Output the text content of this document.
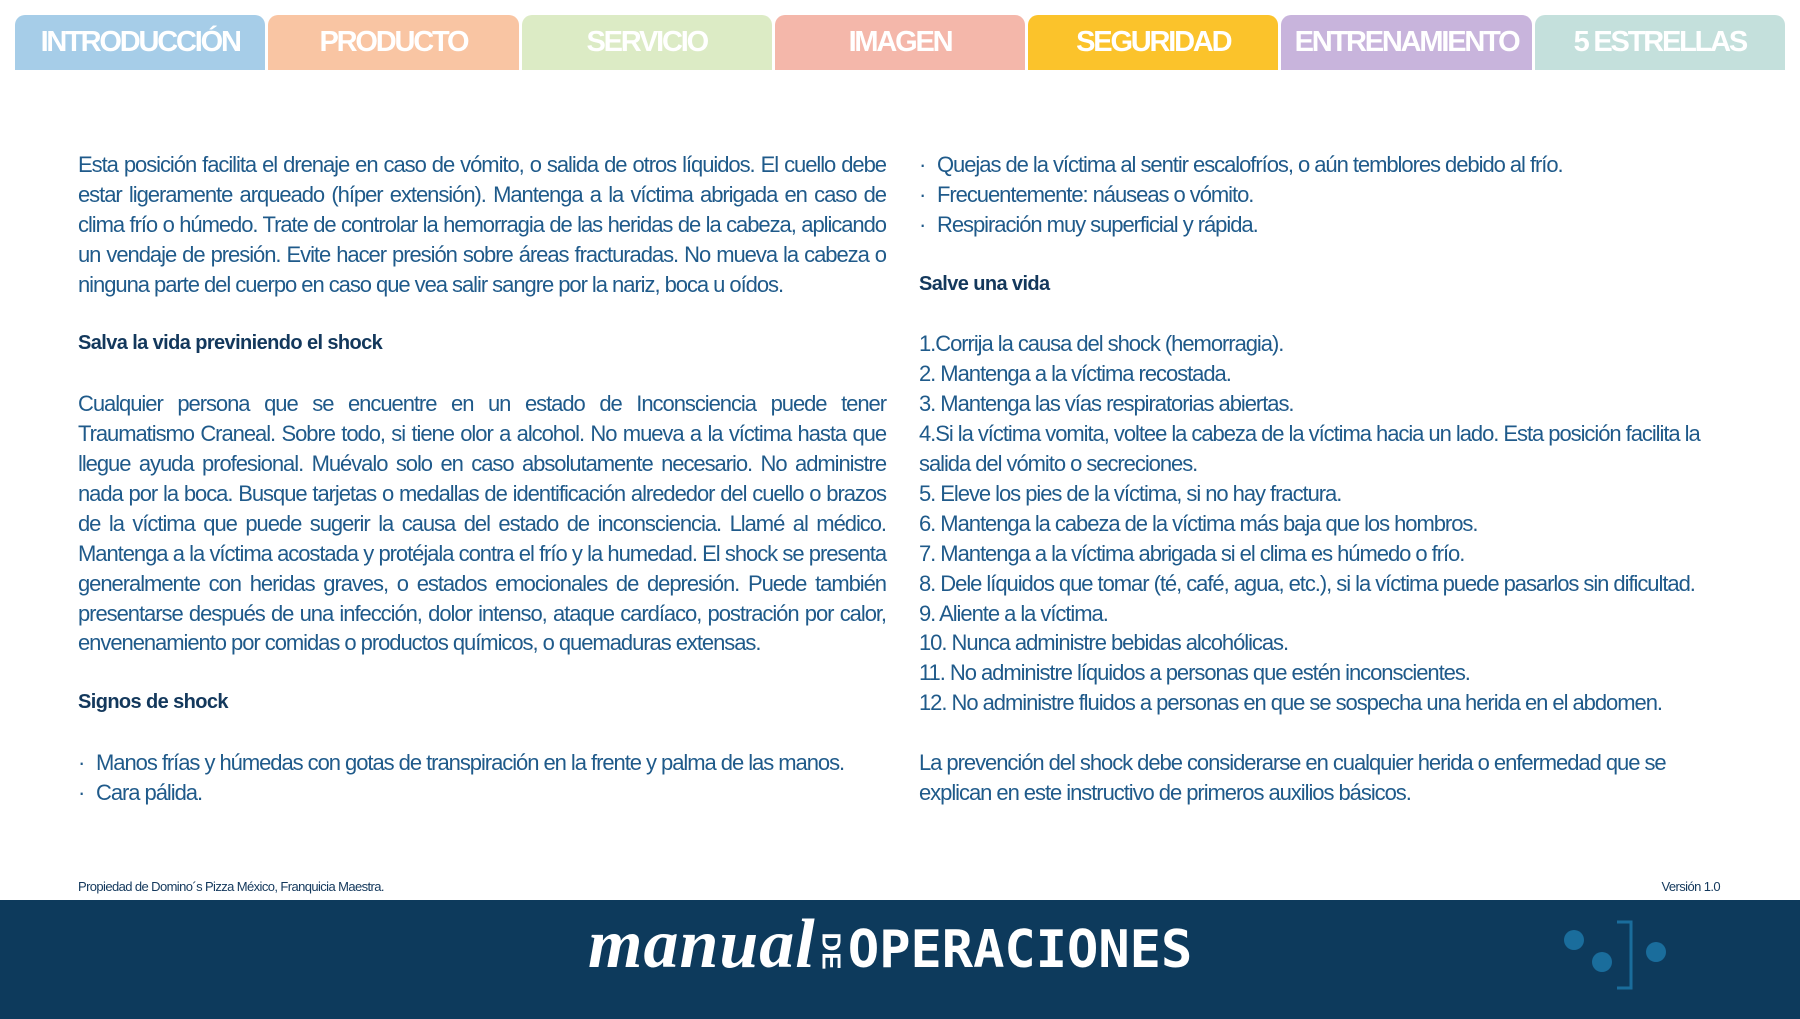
INTRODUCCIÓN	PRODUCTO	SERVICIO	IMAGEN	SEGURIDAD	ENTRENAMIENTO	5 ESTRELLAS

Esta posición facilita el drenaje en caso de vómito, o salida de otros líquidos. El cuello debe estar ligeramente arqueado (híper extensión). Mantenga a la víctima abrigada en caso de clima frío o húmedo. Trate de controlar la hemorragia de las heridas de la cabeza, aplicando un vendaje de presión. Evite hacer presión sobre áreas fracturadas. No mueva la cabeza o ninguna parte del cuerpo en caso que vea salir sangre por la nariz, boca u oídos.

Salva la vida previniendo el shock

Cualquier persona que se encuentre en un estado de Inconsciencia puede tener Traumatismo Craneal. Sobre todo, si tiene olor a alcohol. No mueva a la víctima hasta que llegue ayuda profesional. Muévalo solo en caso absolutamente necesario. No administre nada por la boca. Busque tarjetas o medallas de identificación alrededor del cuello o brazos de la víctima que puede sugerir la causa del estado de inconsciencia. Llamé al médico. Mantenga a la víctima acostada y protéjala contra el frío y la humedad. El shock se presenta generalmente con heridas graves, o estados emocionales de depresión. Puede también presentarse después de una infección, dolor intenso, ataque cardíaco, postración por calor, envenenamiento por comidas o productos químicos, o quemaduras extensas.

Signos de shock

· Manos frías y húmedas con gotas de transpiración en la frente y palma de las manos.

· Cara pálida.

· Quejas de la víctima al sentir escalofríos, o aún temblores debido al frío.

· Frecuentemente: náuseas o vómito.

· Respiración muy superficial y rápida.

Salve una vida

1.Corrija la causa del shock (hemorragia).

2. Mantenga a la víctima recostada.

3. Mantenga las vías respiratorias abiertas.

4.Si la víctima vomita, voltee la cabeza de la víctima hacia un lado. Esta posición facilita la salida del vómito o secreciones.

5. Eleve los pies de la víctima, si no hay fractura.

6. Mantenga la cabeza de la víctima más baja que los hombros.

7. Mantenga a la víctima abrigada si el clima es húmedo o frío.

8. Dele líquidos que tomar (té, café, agua, etc.), si la víctima puede pasarlos sin dificultad.

9. Aliente a la víctima.

10. Nunca administre bebidas alcohólicas.

11. No administre líquidos a personas que estén inconscientes.

12. No administre fluidos a personas en que se sospecha una herida en el abdomen.

La prevención del shock debe considerarse en cualquier herida o enfermedad que se explican en este instructivo de primeros auxilios básicos.

Propiedad de Domino´s Pizza México, Franquicia Maestra.	Versión 1.0
manual DE OPERACIONES
